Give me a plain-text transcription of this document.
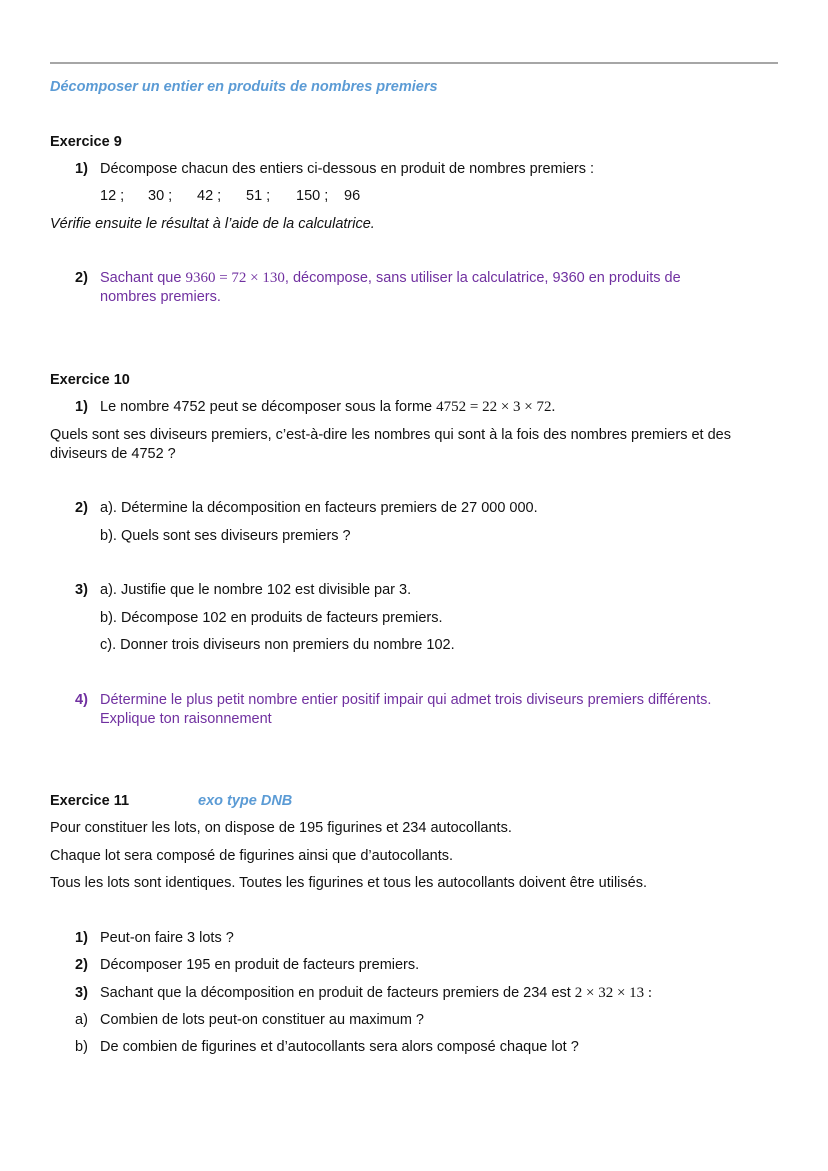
Décomposer un entier en produits de nombres premiers
Exercice 9
1) Décompose chacun des entiers ci-dessous en produit de nombres premiers :
12 ; 30 ; 42 ; 51 ; 150 ; 96
Vérifie ensuite le résultat à l’aide de la calculatrice.
2) Sachant que 9360 = 72 × 130, décompose, sans utiliser la calculatrice, 9360 en produits de
nombres premiers.
Exercice 10
1) Le nombre 4752 peut se décomposer sous la forme 4752 = 22 × 3 × 72.
Quels sont ses diviseurs premiers, c’est-à-dire les nombres qui sont à la fois des nombres premiers et des
diviseurs de 4752 ?
2) a). Détermine la décomposition en facteurs premiers de 27 000 000.
b). Quels sont ses diviseurs premiers ?
3) a). Justifie que le nombre 102 est divisible par 3.
b). Décompose 102 en produits de facteurs premiers.
c). Donner trois diviseurs non premiers du nombre 102.
4) Détermine le plus petit nombre entier positif impair qui admet trois diviseurs premiers différents.
Explique ton raisonnement
Exercice 11	exo type DNB
Pour constituer les lots, on dispose de 195 figurines et 234 autocollants.
Chaque lot sera composé de figurines ainsi que d’autocollants.
Tous les lots sont identiques. Toutes les figurines et tous les autocollants doivent être utilisés.
1) Peut-on faire 3 lots ?
2) Décomposer 195 en produit de facteurs premiers.
3) Sachant que la décomposition en produit de facteurs premiers de 234 est 2 × 32 × 13 :
a) Combien de lots peut-on constituer au maximum ?
b) De combien de figurines et d’autocollants sera alors composé chaque lot ?
